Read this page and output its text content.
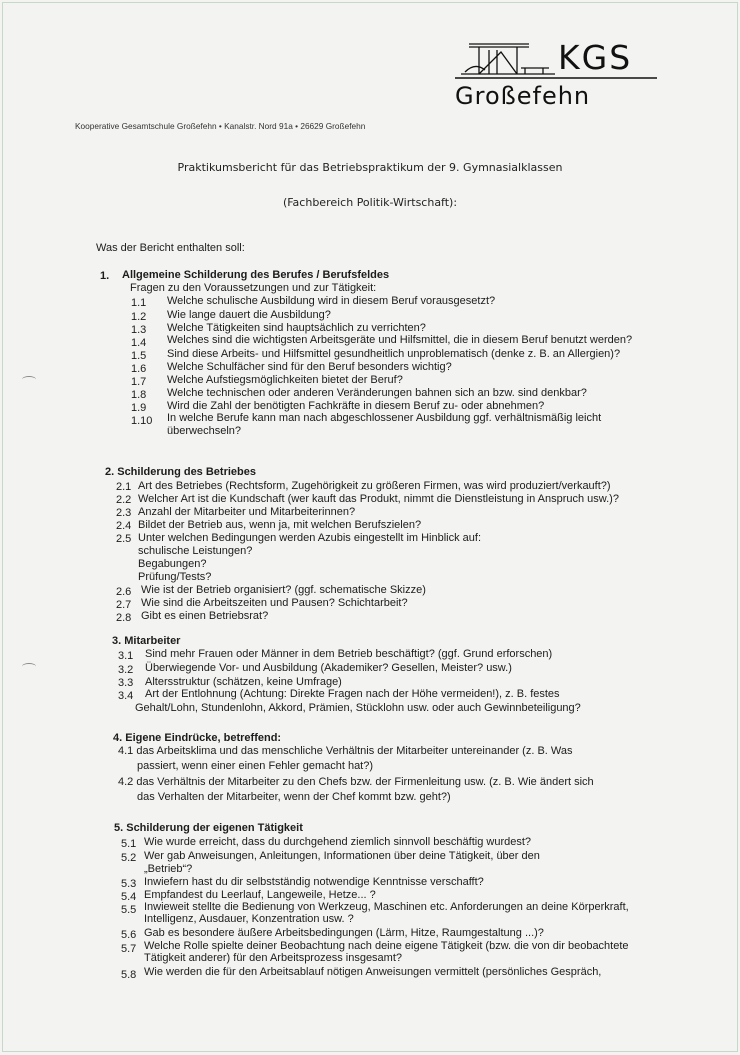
KGS
Großefehn
Kooperative Gesamtschule Großefehn • Kanalstr. Nord 91a • 26629 Großefehn
Praktikumsbericht für das Betriebspraktikum der 9. Gymnasialklassen
(Fachbereich Politik-Wirtschaft):
Was der Bericht enthalten soll:
1. Allgemeine Schilderung des Berufes / Berufsfeldes
Fragen zu den Voraussetzungen und zur Tätigkeit:
1.1 Welche schulische Ausbildung wird in diesem Beruf vorausgesetzt?
1.2 Wie lange dauert die Ausbildung?
1.3 Welche Tätigkeiten sind hauptsächlich zu verrichten?
1.4 Welches sind die wichtigsten Arbeitsgeräte und Hilfsmittel, die in diesem Beruf benutzt werden?
1.5 Sind diese Arbeits- und Hilfsmittel gesundheitlich unproblematisch (denke z. B. an Allergien)?
1.6 Welche Schulfächer sind für den Beruf besonders wichtig?
1.7 Welche Aufstiegsmöglichkeiten bietet der Beruf?
1.8 Welche technischen oder anderen Veränderungen bahnen sich an bzw. sind denkbar?
1.9 Wird die Zahl der benötigten Fachkräfte in diesem Beruf zu- oder abnehmen?
1.10 In welche Berufe kann man nach abgeschlossener Ausbildung ggf. verhältnismäßig leicht
überwechseln?
2. Schilderung des Betriebes
2.1 Art des Betriebes (Rechtsform, Zugehörigkeit zu größeren Firmen, was wird produziert/verkauft?)
2.2 Welcher Art ist die Kundschaft (wer kauft das Produkt, nimmt die Dienstleistung in Anspruch usw.)?
2.3 Anzahl der Mitarbeiter und Mitarbeiterinnen?
2.4 Bildet der Betrieb aus, wenn ja, mit welchen Berufszielen?
2.5 Unter welchen Bedingungen werden Azubis eingestellt im Hinblick auf:
schulische Leistungen?
Begabungen?
Prüfung/Tests?
2.6 Wie ist der Betrieb organisiert? (ggf. schematische Skizze)
2.7 Wie sind die Arbeitszeiten und Pausen? Schichtarbeit?
2.8 Gibt es einen Betriebsrat?
3. Mitarbeiter
3.1 Sind mehr Frauen oder Männer in dem Betrieb beschäftigt? (ggf. Grund erforschen)
3.2 Überwiegende Vor- und Ausbildung (Akademiker? Gesellen, Meister? usw.)
3.3 Altersstruktur (schätzen, keine Umfrage)
3.4 Art der Entlohnung (Achtung: Direkte Fragen nach der Höhe vermeiden!), z. B. festes
Gehalt/Lohn, Stundenlohn, Akkord, Prämien, Stücklohn usw. oder auch Gewinnbeteiligung?
4. Eigene Eindrücke, betreffend:
4.1 das Arbeitsklima und das menschliche Verhältnis der Mitarbeiter untereinander (z. B. Was
passiert, wenn einer einen Fehler gemacht hat?)
4.2 das Verhältnis der Mitarbeiter zu den Chefs bzw. der Firmenleitung usw. (z. B. Wie ändert sich
das Verhalten der Mitarbeiter, wenn der Chef kommt bzw. geht?)
5. Schilderung der eigenen Tätigkeit
5.1 Wie wurde erreicht, dass du durchgehend ziemlich sinnvoll beschäftig wurdest?
5.2 Wer gab Anweisungen, Anleitungen, Informationen über deine Tätigkeit, über den
„Betrieb“?
5.3 Inwiefern hast du dir selbstständig notwendige Kenntnisse verschafft?
5.4 Empfandest du Leerlauf, Langeweile, Hetze... ?
5.5 Inwieweit stellte die Bedienung von Werkzeug, Maschinen etc. Anforderungen an deine Körperkraft,
Intelligenz, Ausdauer, Konzentration usw. ?
5.6 Gab es besondere äußere Arbeitsbedingungen (Lärm, Hitze, Raumgestaltung ...)?
5.7 Welche Rolle spielte deiner Beobachtung nach deine eigene Tätigkeit (bzw. die von dir beobachtete
Tätigkeit anderer) für den Arbeitsprozess insgesamt?
5.8 Wie werden die für den Arbeitsablauf nötigen Anweisungen vermittelt (persönliches Gespräch,
